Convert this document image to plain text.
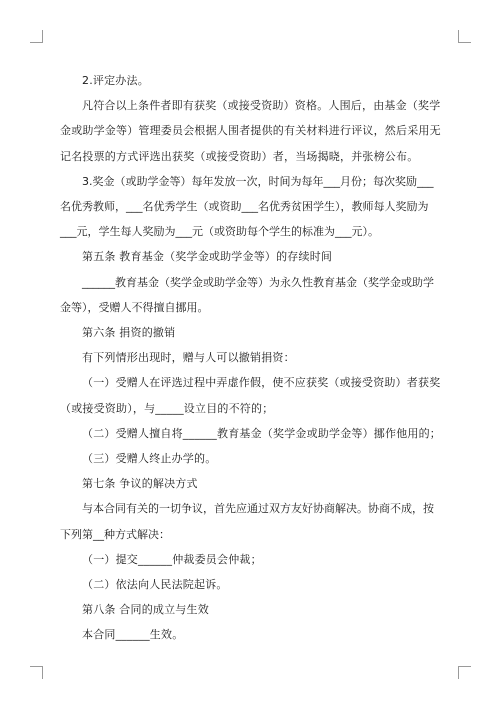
2.评定办法。

凡符合以上条件者即有获奖（或接受资助）资格。人围后，由基金（奖学金或助学金等）管理委员会根据人围者提供的有关材料进行评议，然后采用无记名投票的方式评选出获奖（或接受资助）者，当场揭晓，并张榜公布。

3.奖金（或助学金等）每年发放一次，时间为每年___月份；每次奖励___名优秀教师，___名优秀学生（或资助___名优秀贫困学生），教师每人奖励为___元，学生每人奖励为___元（或资助每个学生的标准为___元）。

第五条 教育基金（奖学金或助学金等）的存续时间

______教育基金（奖学金或助学金等）为永久性教育基金（奖学金或助学金等），受赠人不得擅自挪用。

第六条 捐资的撤销

有下列情形出现时，赠与人可以撤销捐资：

（一）受赠人在评选过程中弄虚作假，使不应获奖（或接受资助）者获奖（或接受资助），与_____设立目的不符的；

（二）受赠人擅自将______教育基金（奖学金或助学金等）挪作他用的；

（三）受赠人终止办学的。

第七条 争议的解决方式

与本合同有关的一切争议，首先应通过双方友好协商解决。协商不成，按下列第__种方式解决：

（一）提交______仲裁委员会仲裁；

（二）依法向人民法院起诉。

第八条 合同的成立与生效

本合同______生效。
